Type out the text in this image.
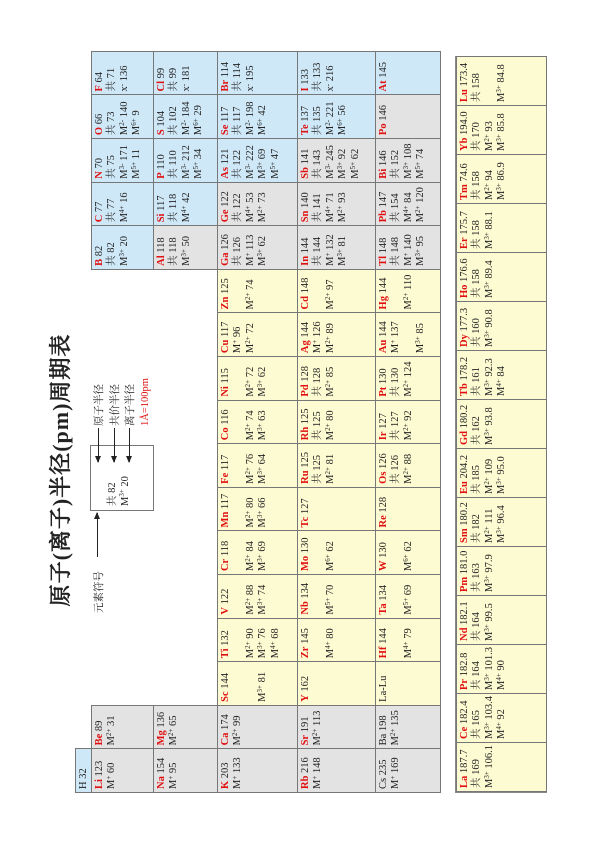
原子(离子)半径(pm)周期表 元素符号
共 82
$M^{3+}$ 20
原子半径 共价半径 离子半径 1Å=100pm
H 32
Li 123
M+ 60
Be 89
$M^{2+}$ 31
B 82
共 82
$M^{3+}$ 20
C 77
共 77
$M^{4+}$ 16
N 70
共 75
$M^{3-}$ 171
$M^{5+}$ 11
O 66
共 73
$M^{2-}$ 140
$M^{6+}$ 9
F 64
共 71
x- 136
Na 154
M+ 95
Mg 136
$M^{2+}$ 65
Al 118
共 118
$M^{3+}$ 50
Si 117
共 118
$M^{4+}$ 42
P 110
共 110
$M^{3-}$ 212
$M^{5+}$ 34
S 104
共 102
$M^{2-}$ 184
$M^{6+}$ 29
Cl 99
共 99
x- 181
K 203
M+ 133
Ca 174
$M^{2+}$ 99
Sc 144
$M^{3+}$ 81
Ti 132
$M^{2+}$ 90
$M^{3+}$ 76
$M^{4+}$ 68
V 122
$M^{2+}$ 88
$M^{3+}$ 74
Cr 118
$M^{2+}$ 84
$M^{3+}$ 69
Mn 117
$M^{2+}$ 80
$M^{3+}$ 66
Fe 117
$M^{2+}$ 76
$M^{3+}$ 64
Co 116
$M^{2+}$ 74
$M^{3+}$ 63
Ni 115
$M^{2+}$ 72
$M^{3+}$ 62
Cu 117
M+ 96
$M^{2+}$ 72
Zn 125
$M^{2+}$ 74
Ga 126
共 126
M+ 113
$M^{3+}$ 62
Ge 122
共 122
$M^{4+}$ 53
$M^{2+}$ 73
As 121
共 122
$M^{3-}$ 222
$M^{3+}$ 69
$M^{5+}$ 47
Se 117
共 117
$M^{2-}$ 198
$M^{6+}$ 42
Br 114
共 114
x- 195
Rb 216
M+ 148
Sr 191
$M^{2+}$ 113
Y 162
Zr 145
$M^{4+}$ 80
Nb 134
$M^{5+}$ 70
Mo 130
$M^{6+}$ 62
Tc 127
Ru 125
共 125
$M^{2+}$ 81
Rh 125
共 125
$M^{2+}$ 80
Pd 128
共 128
$M^{2+}$ 85
Ag 144
M+ 126
$M^{2+}$ 89
Cd 148
$M^{2+}$ 97
In 144
共 144
M+ 132
$M^{3+}$ 81
Sn 140
共 141
$M^{4+}$ 71
$M^{2+}$ 93
Sb 141
共 143
$M^{3-}$ 245
$M^{3+}$ 92
$M^{5+}$ 62
Te 137
共 135
$M^{2-}$ 221
$M^{6+}$ 56
I 133 共 133
x- 216
Cs 235
M+ 169
Ba 198
$M^{2+}$ 135
La-Lu
Hf 144
$M^{4+}$ 79
Ta 134
$M^{5+}$ 69
W 130
$M^{6+}$ 62
Re 128
Os 126
共 126
$M^{2+}$ 88
Ir 127
共 127
$M^{2+}$ 92
Pt 130
共 130
$M^{2+}$ 124
Au 144
M+ 137
$M^{3+}$ 85
Hg 144
$M^{2+}$ 110
Tl 148
共 148
M+ 140
$M^{3+}$ 95
Pb 147
共 154
$M^{4+}$ 84
$M^{2+}$ 120
Bi 146
共 152
$M^{3+}$ 108
$M^{5+}$ 74
Po 146
At 145
La 187.7
共 169
$M^{3+}$ 106.1
Ce 182.4
共 165
$M^{3+}$ 103.4
$M^{4+}$ 92
Pr 182.8
共 164
$M^{3+}$ 101.3
$M^{4+}$ 90
Nd 182.1
共 164
$M^{3+}$ 99.5
Pm 181.0
共 163
$M^{3+}$ 97.9
Sm 180.2
共 182
$M^{2+}$ 111
$M^{3+}$ 96.4
Eu 204.2
共 185
$M^{2+}$ 109
$M^{3+}$ 95.0
Gd 180.2
共 162
$M^{3+}$ 93.8
Tb 178.2
共 161
$M^{3+}$ 92.3
$M^{4+}$ 84
Dy 177.3
共 160
$M^{3+}$ 90.8
Ho 176.6
共 158
$M^{3+}$ 89.4
Er 175.7
共 158
$M^{3+}$ 88.1
Tm 74.6
共 158
$M^{2+}$ 94
$M^{3+}$ 86.9
Yb 194.0
共 170
$M^{2+}$ 93
$M^{3+}$ 85.8
Lu 173.4
共 158
$M^{3+}$ 84.8
